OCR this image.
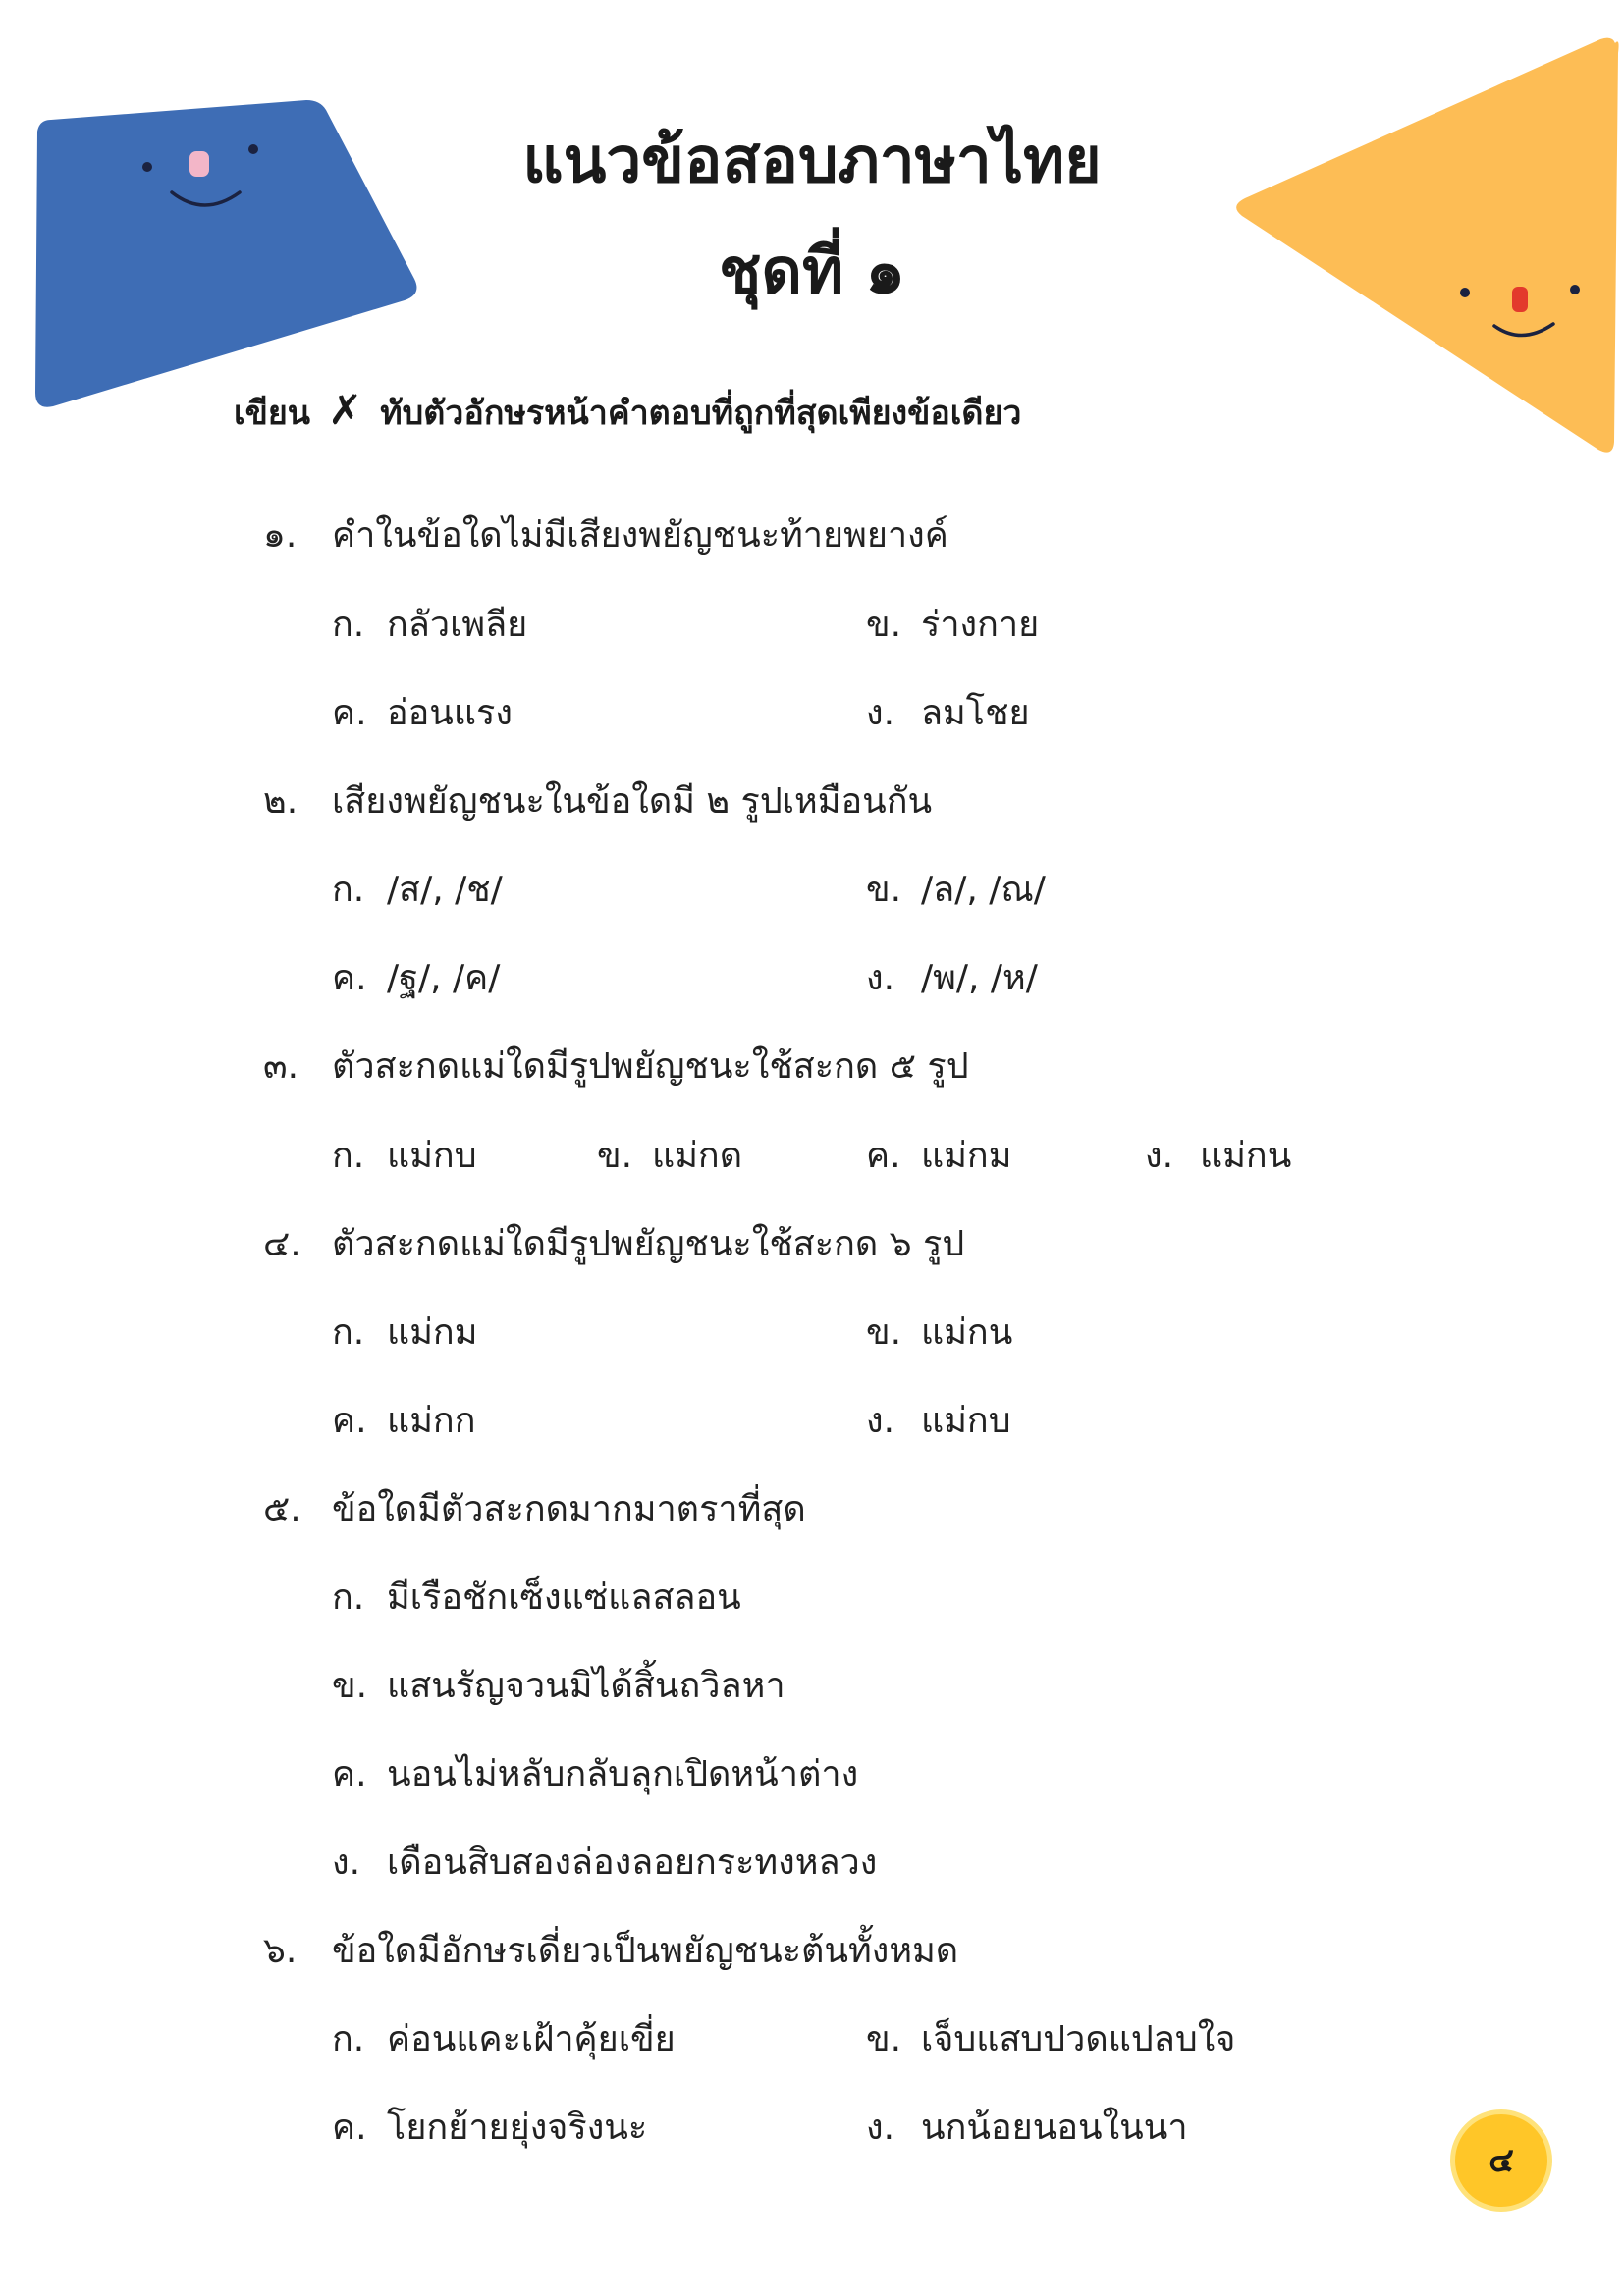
แนวข้อสอบภาษาไทย
ชุดที่ ๑
เขียน ✗ ทับตัวอักษรหน้าคำตอบที่ถูกที่สุดเพียงข้อเดียว
๑. คำในข้อใดไม่มีเสียงพยัญชนะท้ายพยางค์
ก. กลัวเพลีย	ข. ร่างกาย
ค. อ่อนแรง	ง. ลมโชย
๒. เสียงพยัญชนะในข้อใดมี ๒ รูปเหมือนกัน
ก. /ส/, /ช/	ข. /ล/, /ณ/
ค. /ฐ/, /ค/	ง. /พ/, /ห/
๓. ตัวสะกดแม่ใดมีรูปพยัญชนะใช้สะกด ๕ รูป
ก. แม่กบ	ข. แม่กด	ค. แม่กม	ง. แม่กน
๔. ตัวสะกดแม่ใดมีรูปพยัญชนะใช้สะกด ๖ รูป
ก. แม่กม	ข. แม่กน
ค. แม่กก	ง. แม่กบ
๕. ข้อใดมีตัวสะกดมากมาตราที่สุด
ก. มีเรือชักเซ็งแซ่แลสลอน
ข. แสนรัญจวนมิได้สิ้นถวิลหา
ค. นอนไม่หลับกลับลุกเปิดหน้าต่าง
ง. เดือนสิบสองล่องลอยกระทงหลวง
๖. ข้อใดมีอักษรเดี่ยวเป็นพยัญชนะต้นทั้งหมด
ก. ค่อนแคะเฝ้าคุ้ยเขี่ย	ข. เจ็บแสบปวดแปลบใจ
ค. โยกย้ายยุ่งจริงนะ	ง. นกน้อยนอนในนา
๔
